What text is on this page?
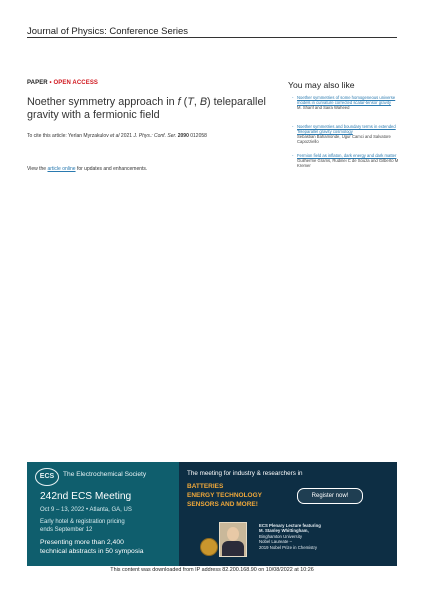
Journal of Physics: Conference Series
PAPER • OPEN ACCESS
Noether symmetry approach in f (T, B) teleparallel gravity with a fermionic field
To cite this article: Yerlan Myrzakulov et al 2021 J. Phys.: Conf. Ser. 2090 012058
View the article online for updates and enhancements.
You may also like
- Noether symmetries of some homogeneous universe models in curvature corrected scalar-tensor gravity
M. Sharif and Saira Waheed
- Noether symmetries and boundary terms in extended Teleparallel gravity cosmology
Sebastian Bahamonde, Ugur Camci and Salvatore Capozziello
- Fermion field as inflaton, dark energy and dark matter
Guilherme Grams, Rudinei C de Souza and Gilberto M Kremer
ECS	The Electrochemical Society
242nd ECS Meeting
Oct 9 – 13, 2022 • Atlanta, GA, US
Early hotel & registration pricing
ends September 12
Presenting more than 2,400
technical abstracts in 50 symposia
The meeting for industry & researchers in
BATTERIES
ENERGY TECHNOLOGY
SENSORS AND MORE!
Register now!
ECS Plenary Lecture featuring
M. Stanley Whittingham,
Binghamton University
Nobel Laureate –
2019 Nobel Prize in Chemistry
This content was downloaded from IP address 82.200.168.90 on 10/08/2022 at 10:26
